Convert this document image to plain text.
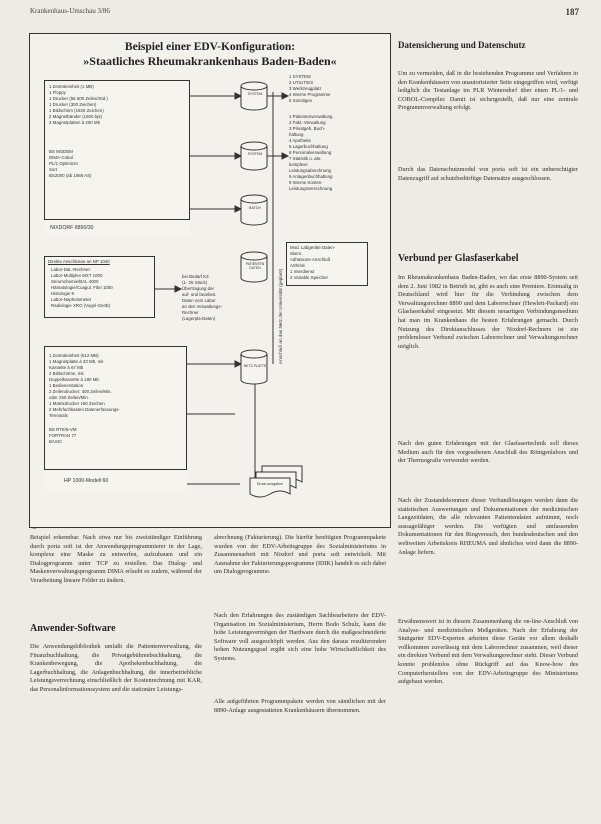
Krankenhaus-Umschau 3/86	187
Beispiel einer EDV-Konfiguration:
»Staatliches Rheumakrankenhaus Baden-Baden«
SYSTEM
SYSTEM
BATCH
PATIENTEN DATEN
NETZ-PLATTE
Druck-ausgaben
1 Zentraleinheit (1 MB)
1 Floppy
1 Drucker (56 500 Zeilen/Std.)
1 Drucker (300 Zeichen)
1 Bildschirm (1920 Zeichen)
2 Magnetbänder (1600 bpi)
3 Magnetplatten à 200 Mb
BS MODEM
DIMA-Cobol
PL/1 Optimizer
Sort
BS2000 (ab 1986 AS)
NIXDORF 8890/30
1 SYSTEM
2 UTILITIES
3 Werkzeugplatz
4 Interne Programme
5 Sonstiges
1 Patientenverwaltung
2 Fakt.-Verwaltung
3 Privatgeb. Buch-
haltung
4 Apotheke
5 Lagerbuchhaltung
6 Personalverwaltung
7 Statistik u. abr.
komplexe
Leistungsabrechnung
8 Anlagenbuchhaltung
9 Interne Kosten-
Leistungsverrechnung
Anschluß an das Netz der Universität (geplant)
Mod. Labgeräte Daten-
übern.
Adhäsions-Anschluß
Arthritis
1 Interdienst
2 Variable Speicher
Direkte Anschlüsse an NP 1040
Labor-Dat.-Rechner:
Labor-Multiplex MXT 1000
Serumchemie/BAL 4000
Hämatologie/Coagul. Fibri 1000
Histologie 8
Labor-Nephelometer
Radiologie XRO (Vogel-Gerät)
bei Bedarf K3
(1- 25 Stück)
Übertragung der
auf- und bearbeit.
Daten vom Labor
an den Verwaltungs-
Rechner
(Lagerpla-Daten)
1 Zentraleinheit (512 MB)
1 Magnetplatte à 33 Mb, mit
Kassette à 67 Mb
2 Bildschirme, mit
Doppelkassette à 180 Mb
1 Bedienerstation
2 Zeilendrucker: 400 Zeilen/Min.
oder 250 Zeilen/Min.
1 Matrixdrucker 180 Zeichen
2 Mehrfachkasten Datenerfassungs-
Terminals
BS RTE/6-VM
FORTRAN 77
BASIC
HP 1000-Modell 60
Beispiel erkennbar. Nach etwa nur bis zweistündiger Einführung durch porta soft ist der Anwendungsprogrammierer in der Lage, komplexe eine Maske zu entwerfen, aufzubauen und ein Dialogprogramm unter TCP zu erstellen. Das Dialog- und Maskenverwaltungsprogramm DIMA erlaubt es zudem, während der Verarbeitung lineare Felder zu ändern.
Anwender-Software
Die Anwendungsbibliothek umfaßt die Patientenverwaltung, die Finanzbuchhaltung, die Privatgebührenbuchhaltung, die Krankenbewegung, die Apothekenbuchhaltung, die Lagerbuchhaltung, die Anlagenbuchhaltung, die innerbetriebliche Leistungsverrechnung einschließlich der Kostenrechnung mit KAR, das Personalinformationssystem und die stationäre Leistungs-
abrechnung (Fakturierung). Die hierfür benötigten Programmpakete wurden von der EDV-Arbeitsgruppe des Sozialministeriums in Zusammenarbeit mit Nixdorf und porta soft entwickelt. Mit Ausnahme der Fakturierungsprogramme (IDIK) handelt es sich dabei um Dialogprogramme.
Nach den Erfahrungen des zuständigen Sachbearbeiters der EDV-Organisation im Sozialministerium, Herrn Bodo Schulz, kann die hohe Leistungsvermögen der Hardware durch die maßgeschneiderte Software voll ausgeschöpft werden. Aus den daraus resultierenden hohen Nutzungsgrad ergibt sich eine hohe Wirtschaftlichkeit des Systems.
Alle aufgeführten Programmpakete werden von sämtlichen mit der 8890-Anlage ausgestatteten Krankenhäusern übernommen.
Datensicherung und Datenschutz
Um zu vermeiden, daß in die bestehenden Programme und Verfahren in den Krankenhäusern von unautorisierter Seite eingegriffen wird, verfügt lediglich die Testanlage im PLR Wintersdorf über einen PL/1- und COBOL-Compiler. Damit ist sichergestellt, daß nur eine zentrale Programmverwaltung erfolgt.
Durch das Datenschutzmodul von porta soft ist ein unberechtigter Datenzugriff auf schutzbedürftige Datensätze ausgeschlossen.
Verbund per Glasfaserkabel
Im Rheumakrankenhaus Baden-Baden, wo das erste 8890-System seit dem 2. Juni 1982 in Betrieb ist, gibt es auch eine Premiere. Erstmalig in Deutschland wird hier für die Verbindung zwischen dem Verwaltungsrechner 8890 und dem Laborrechner (Hewlett-Packard) ein Glasfaserkabel eingesetzt. Mit diesem neuartigen Verbindungsmedium hat man im Krankenhaus die besten Erfahrungen gemacht. Durch Nutzung des Direktanschlusses der Nixdorf-Rechners ist ein problemloser Verbund zwischen Laborrechner und Verwaltungsrechner möglich.
Nach den guten Erfahrungen mit der Glasfasertechnik soll dieses Medium auch für den vorgesehenen Anschluß des Röntgenlabors und der Thermografie verwendet werden.
Nach der Zustandekommen dieser Verbundlösungen werden dann die statistischen Auswertungen und Dokumentationen der medizinischen Langzeitdaten, die alle relevanten Patientendaten aufnimmt, noch aussagefähiger werden. Die verfügten und umfassenden Dokumentationen für den Ringversuch, den bundesdeutschen und den weltweiten Arbeitskreis RHEUMA und ähnliches wird dann die 8890-Anlage liefern.
Erwähnenswert ist in diesem Zusammenhang die on-line-Anschluß von Analyse- und medizinischen Meßgeräten. Nach der Erfahrung der Stuttgarter EDV-Experten arbeiten diese Geräte vor allem deshalb vollkommen zuverlässig mit dem Laborrechner zusammen, weil dieser ein direkten Verbund mit dem Verwaltungsrechner steht. Dieser Verbund konnte problemlos ohne Rückgriff auf das Know-how des Computerherstellers von der EDV-Arbeitsgruppe des Ministeriums aufgebaut werden.
